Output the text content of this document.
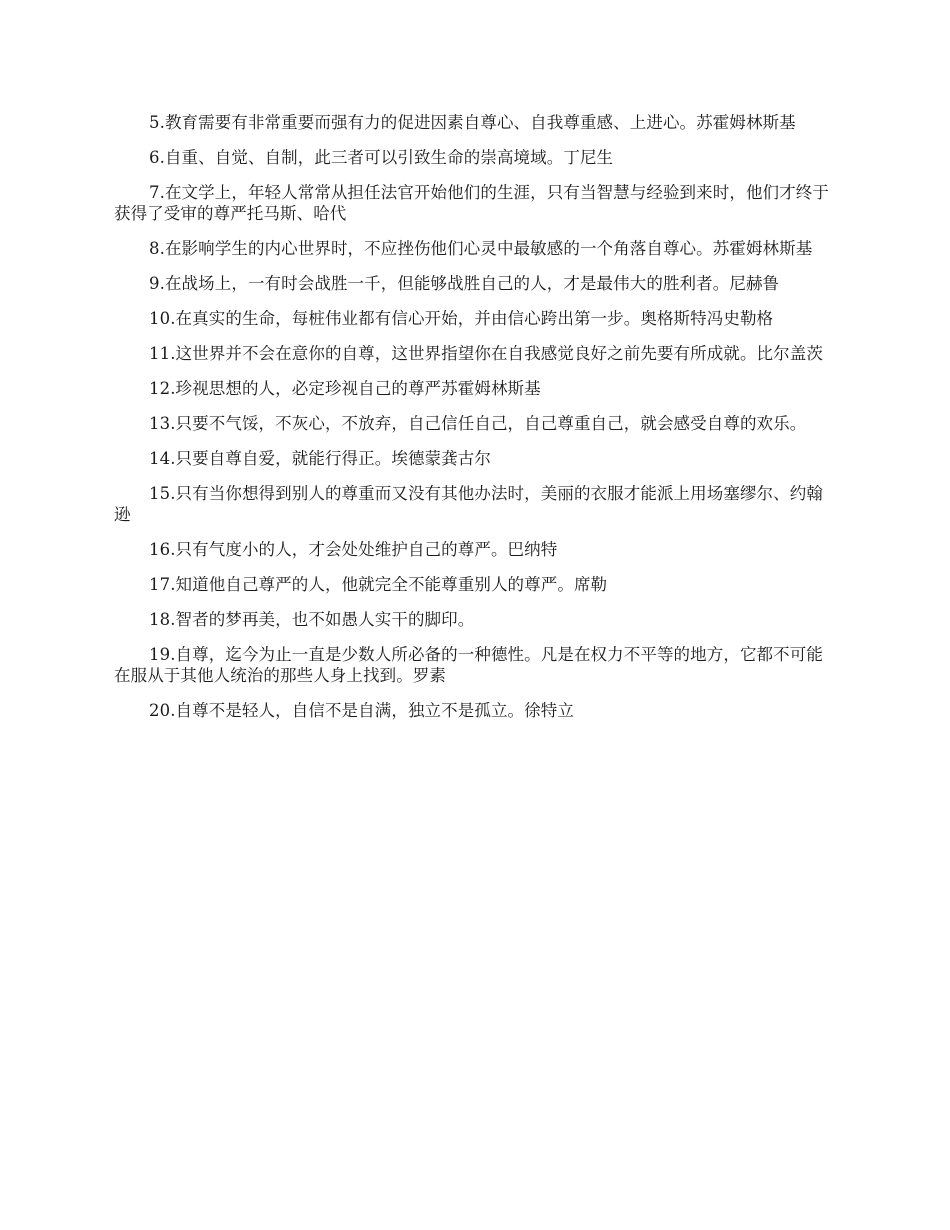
5.教育需要有非常重要而强有力的促进因素自尊心、自我尊重感、上进心。苏霍姆林斯基

6.自重、自觉、自制，此三者可以引致生命的崇高境域。丁尼生

7.在文学上，年轻人常常从担任法官开始他们的生涯，只有当智慧与经验到来时，他们才终于获得了受审的尊严托马斯、哈代

8.在影响学生的内心世界时，不应挫伤他们心灵中最敏感的一个角落自尊心。苏霍姆林斯基

9.在战场上，一有时会战胜一千，但能够战胜自己的人，才是最伟大的胜利者。尼赫鲁

10.在真实的生命，每桩伟业都有信心开始，并由信心跨出第一步。奥格斯特冯史勒格

11.这世界并不会在意你的自尊，这世界指望你在自我感觉良好之前先要有所成就。比尔盖茨

12.珍视思想的人，必定珍视自己的尊严苏霍姆林斯基

13.只要不气馁，不灰心，不放弃，自己信任自己，自己尊重自己，就会感受自尊的欢乐。

14.只要自尊自爱，就能行得正。埃德蒙龚古尔

15.只有当你想得到别人的尊重而又没有其他办法时，美丽的衣服才能派上用场塞缪尔、约翰逊

16.只有气度小的人，才会处处维护自己的尊严。巴纳特

17.知道他自己尊严的人，他就完全不能尊重别人的尊严。席勒

18.智者的梦再美，也不如愚人实干的脚印。

19.自尊，迄今为止一直是少数人所必备的一种德性。凡是在权力不平等的地方，它都不可能在服从于其他人统治的那些人身上找到。罗素

20.自尊不是轻人，自信不是自满，独立不是孤立。徐特立
